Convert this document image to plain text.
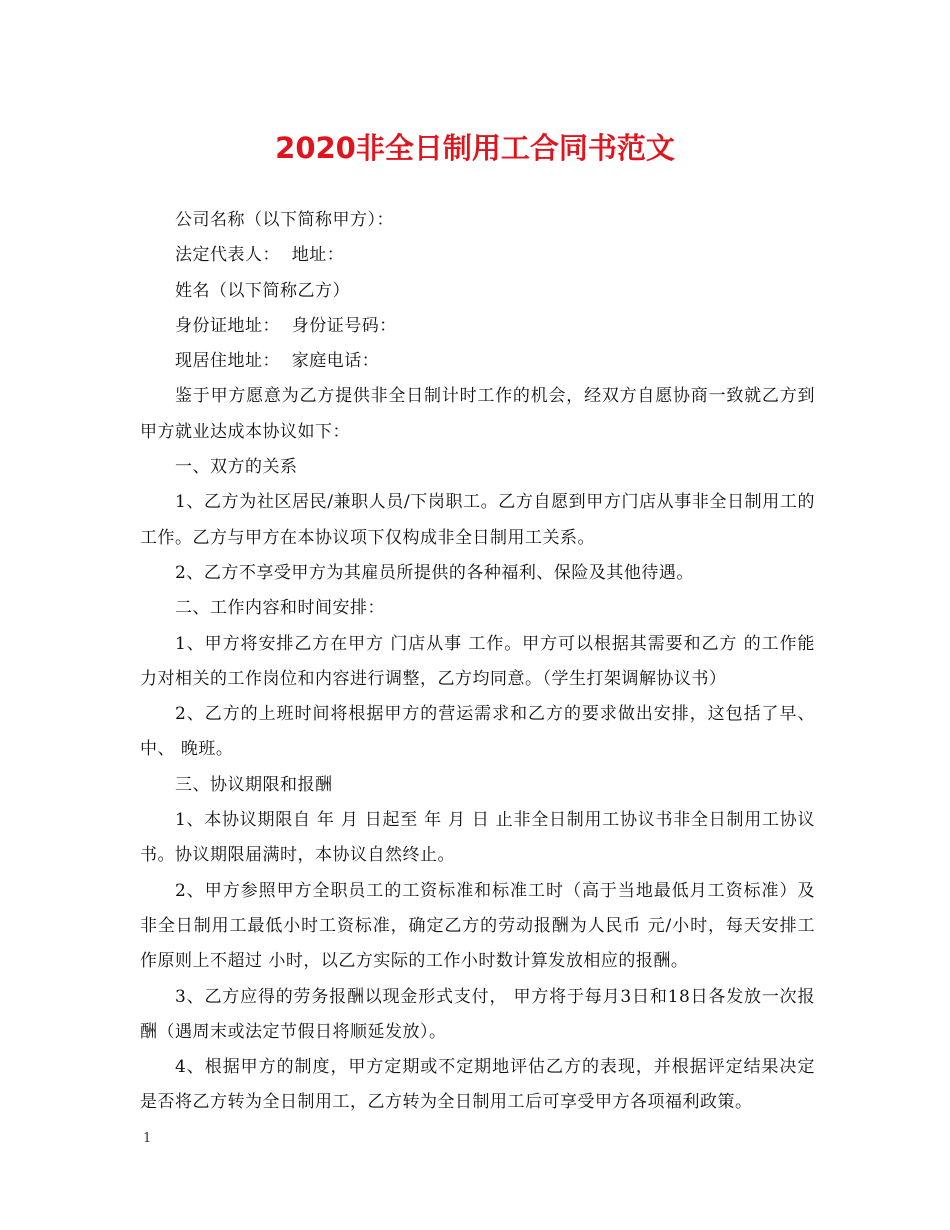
2020非全日制用工合同书范文

公司名称（以下简称甲方）：

法定代表人：  地址：

姓名（以下简称乙方）

身份证地址：  身份证号码：

现居住地址：  家庭电话：

鉴于甲方愿意为乙方提供非全日制计时工作的机会，经双方自愿协商一致就乙方到甲方就业达成本协议如下：

一、双方的关系

1、乙方为社区居民/兼职人员/下岗职工。乙方自愿到甲方门店从事非全日制用工的工作。乙方与甲方在本协议项下仅构成非全日制用工关系。

2、乙方不享受甲方为其雇员所提供的各种福利、保险及其他待遇。

二、工作内容和时间安排：

1、甲方将安排乙方在甲方 门店从事 工作。甲方可以根据其需要和乙方 的工作能力对相关的工作岗位和内容进行调整，乙方均同意。（学生打架调解协议书）

2、乙方的上班时间将根据甲方的营运需求和乙方的要求做出安排，这包括了早、中、 晚班。

三、协议期限和报酬

1、本协议期限自 年 月 日起至 年 月 日 止非全日制用工协议书非全日制用工协议书。协议期限届满时，本协议自然终止。

2、甲方参照甲方全职员工的工资标准和标准工时（高于当地最低月工资标准）及非全日制用工最低小时工资标准，确定乙方的劳动报酬为人民币 元/小时，每天安排工作原则上不超过 小时，以乙方实际的工作小时数计算发放相应的报酬。

3、乙方应得的劳务报酬以现金形式支付， 甲方将于每月3日和18日各发放一次报酬（遇周末或法定节假日将顺延发放）。

4、根据甲方的制度，甲方定期或不定期地评估乙方的表现，并根据评定结果决定是否将乙方转为全日制用工，乙方转为全日制用工后可享受甲方各项福利政策。

1
